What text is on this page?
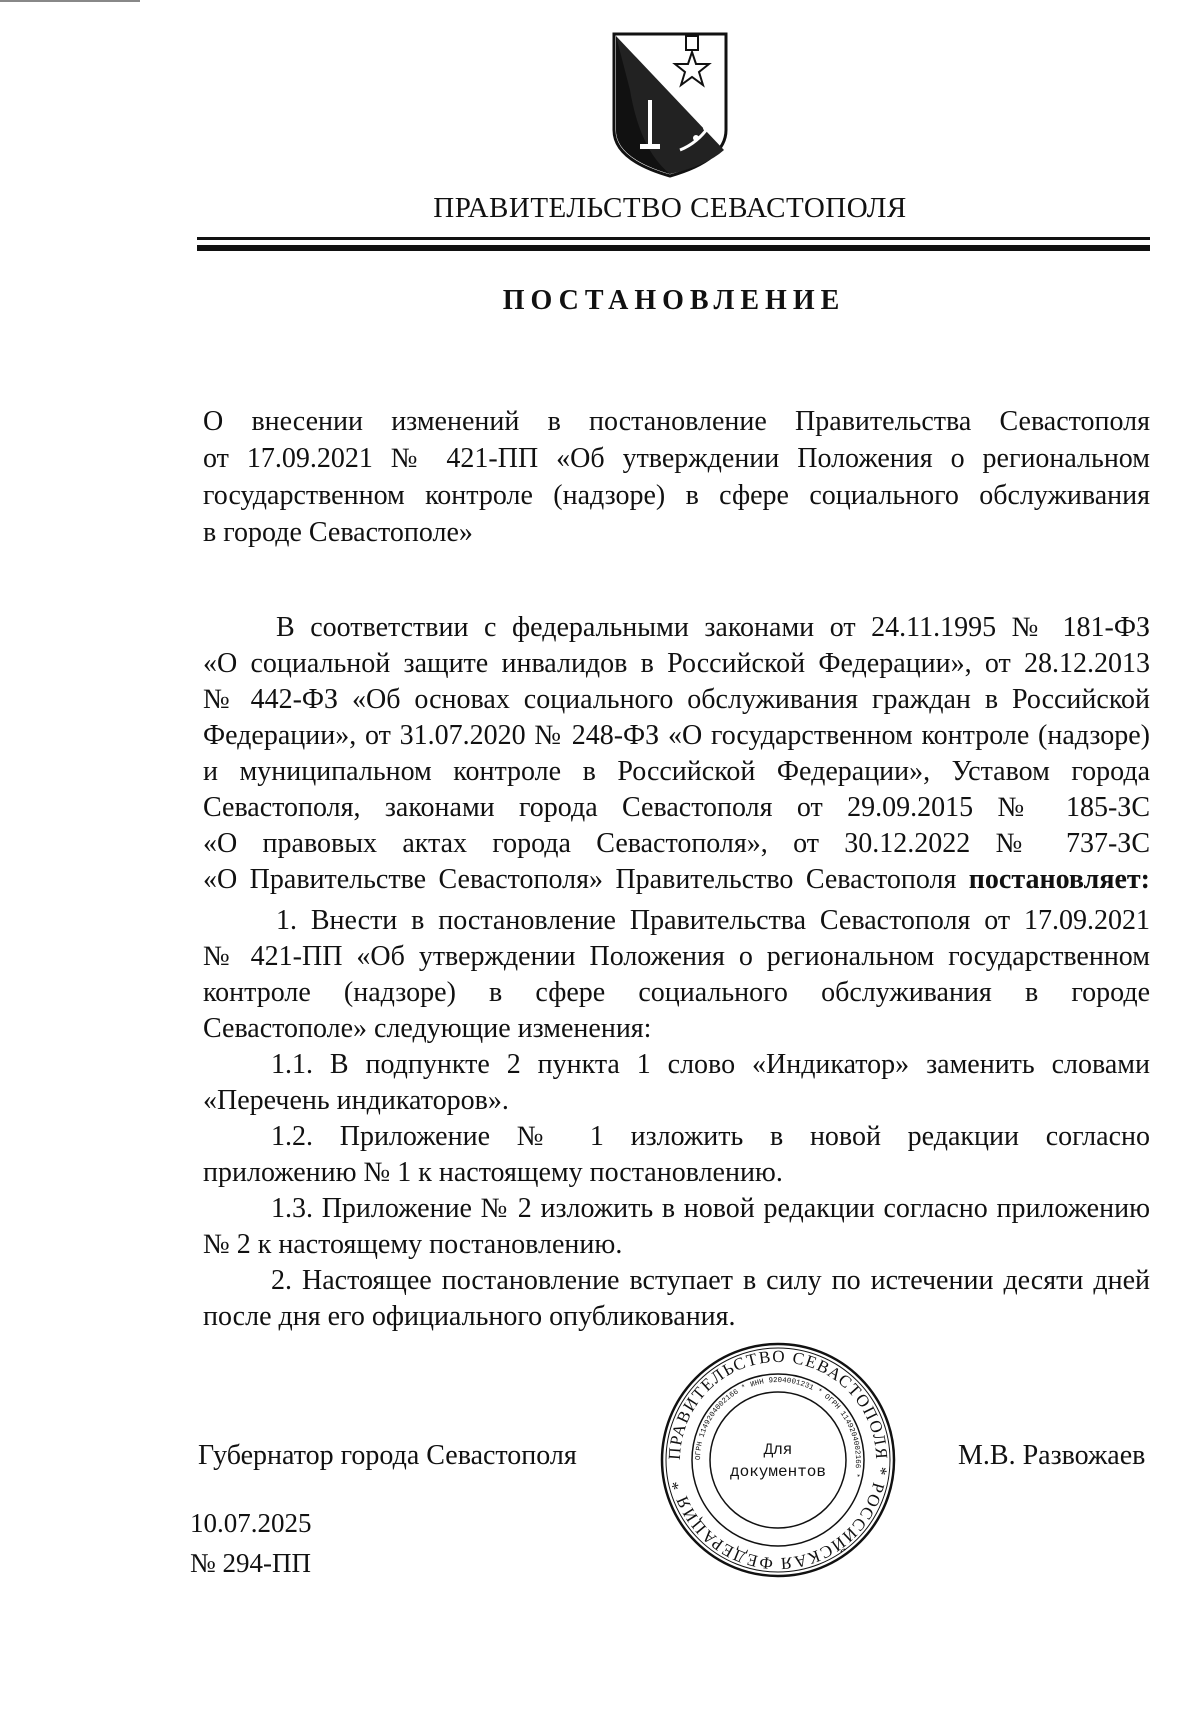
ПРАВИТЕЛЬСТВО СЕВАСТОПОЛЯ
ПОСТАНОВЛЕНИЕ
О внесении изменений в постановление Правительства Севастополя
от 17.09.2021 № 421-ПП «Об утверждении Положения о региональном
государственном контроле (надзоре) в сфере социального обслуживания
в городе Севастополе»
В соответствии с федеральными законами от 24.11.1995 № 181-ФЗ
«О социальной защите инвалидов в Российской Федерации», от 28.12.2013
№ 442-ФЗ «Об основах социального обслуживания граждан в Российской
Федерации», от 31.07.2020 № 248-ФЗ «О государственном контроле (надзоре)
и муниципальном контроле в Российской Федерации», Уставом города
Севастополя, законами города Севастополя от 29.09.2015 № 185-ЗС
«О правовых актах города Севастополя», от 30.12.2022 № 737-ЗС
«О Правительстве Севастополя» Правительство Севастополя постановляет:
1. Внести в постановление Правительства Севастополя от 17.09.2021
№ 421-ПП «Об утверждении Положения о региональном государственном
контроле (надзоре) в сфере социального обслуживания в городе
Севастополе» следующие изменения:
1.1. В подпункте 2 пункта 1 слово «Индикатор» заменить словами
«Перечень индикаторов».
1.2. Приложение № 1 изложить в новой редакции согласно
приложению № 1 к настоящему постановлению.
1.3. Приложение № 2 изложить в новой редакции согласно приложению
№ 2 к настоящему постановлению.
2. Настоящее постановление вступает в силу по истечении десяти дней
после дня его официального опубликования.
Губернатор города Севастополя	ПРАВИТЕЛЬСТВО СЕВАСТОПОЛЯ * РОССИЙСКАЯ ФЕДЕРАЦИЯ *
ОГРН 1149204002166 * ИНН 9204001231 * ОГРН 1149204002166 *
Для
документов
М.В. Развожаев
10.07.2025
№ 294-ПП
